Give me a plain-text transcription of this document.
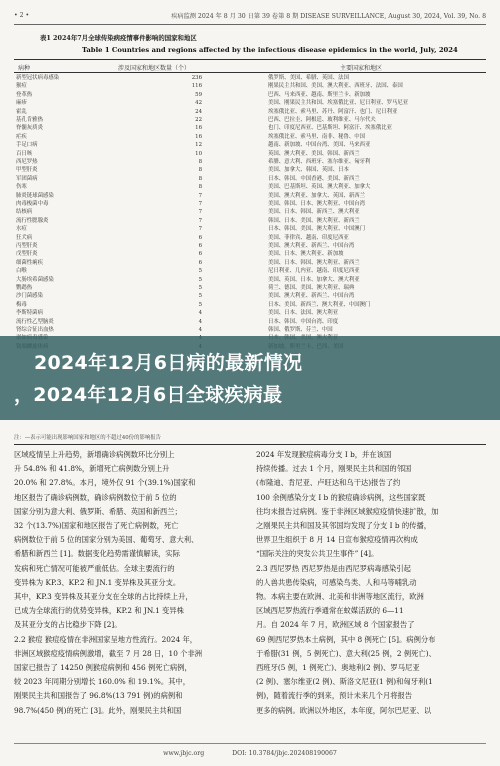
• 2 •	疾病监测 2024 年 8 月 30 日第 39 卷第 8 期 DISEASE SURVEILLANCE, August 30, 2024, Vol. 39, No. 8
表1 2024年7月全球传染病疫情事件影响的国家和地区
Table 1 Countries and regions affected by the infectious disease epidemics in the world, July, 2024
病种	涉及国家和地区数量（个）	主要国家和地区
新型冠状病毒感染	236	俄罗斯、美国、希腊、英国、法国
猴痘	116	刚果民主共和国、美国、澳大利亚、西班牙、法国、泰国
登革热	59	巴西、马来西亚、越南、斯里兰卡、新加坡
麻疹	42	美国、刚果民主共和国、埃塞俄比亚、尼日利亚、罗马尼亚
霍乱	24	埃塞俄比亚、索马里、苏丹、阿富汗、也门、尼日利亚
基孔肯雅热	22	巴西、巴拉圭、阿根廷、玻利维亚、马尔代夫
脊髓灰质炎	16	也门、印度尼西亚、巴基斯坦、阿富汗、埃塞俄比亚
疟疾	16	埃塞俄比亚、索马里、南非、秘鲁、中国
手足口病	12	越南、新加坡、中国台湾、美国、马来西亚
百日咳	10	英国、澳大利亚、美国、韩国、新西兰
西尼罗热	8	希腊、意大利、西班牙、塞尔维亚、匈牙利
甲型肝炎	8	美国、加拿大、韩国、英国、日本
军团菌病	8	日本、韩国、中国香港、美国、新西兰
伤寒	8	美国、巴基斯坦、英国、澳大利亚、加拿大
肺炎链球菌感染	7	美国、澳大利亚、加拿大、英国、新西兰
肉毒梭菌中毒	7	美国、韩国、日本、澳大利亚、中国台湾
结核病	7	美国、日本、韩国、新西兰、澳大利亚
流行性腮腺炎	7	韩国、日本、美国、澳大利亚、新西兰
水痘	7	日本、韩国、美国、澳大利亚、中国澳门
狂犬病	6	美国、菲律宾、越南、印度尼西亚
丙型肝炎	6	美国、澳大利亚、新西兰、中国台湾
戊型肝炎	6	美国、日本、澳大利亚、新加坡
细菌性痢疾	6	美国、日本、韩国、澳大利亚、新西兰
白喉	5	尼日利亚、几内亚、越南、印度尼西亚
大肠埃希菌感染	5	美国、英国、日本、加拿大、澳大利亚
鹦鹉热	5	荷兰、德国、美国、澳大利亚、瑞典
沙门菌感染	5	美国、澳大利亚、新西兰、中国台湾
梅毒	5	日本、美国、新西兰、澳大利亚、中国澳门
李斯特菌病	4	美国、日本、法国、澳大利亚
流行性乙型脑炎	4	日本、韩国、中国台湾、印度
肾综合征出血热	4	韩国、俄罗斯、芬兰、中国
2024年12月6日病的最新情况
，2024年12月6日全球疾病最
注：—表示可能出现影响国家和地区的不超过40份的影响报告

区域疫情呈上升趋势，新增确诊病例数环比分别上

升 54.8% 和 41.8%，新增死亡病例数分别上升

20.0% 和 27.8%。本月，境外仅 91 个(39.1%)国家和

地区报告了确诊病例数，确诊病例数位于前 5 位的

国家分别为意大利、俄罗斯、希腊、英国和新西兰；

32 个(13.7%)国家和地区报告了死亡病例数，死亡

病例数位于前 5 位的国家分别为美国、葡萄牙、意大利、

希腊和新西兰 [1]。数据变化趋势需谨慎解读，实际

发病和死亡情况可能被严重低估。全球主要流行的

变异株为 KP.3、KP.2 和 JN.1 变异株及其亚分支。

其中，KP.3 变异株及其亚分支在全球的占比持续上升，

已成为全球流行的优势变异株，KP.2 和 JN.1 变异株

及其亚分支的占比稳步下降 [2]。

2.2 猴痘 猴痘疫情在非洲国家呈地方性流行。2024 年，

非洲区域猴痘疫情病例激增，截至 7 月 28 日，10 个非洲

国家已报告了 14250 例猴痘病例和 456 例死亡病例，

较 2023 年同期分别增长 160.0% 和 19.1%。其中，

刚果民主共和国报告了 96.8%(13 791 例)的病例和

98.7%(450 例)的死亡 [3]。此外，刚果民主共和国

2024 年发现猴痘病毒分支 I b，并在该国

持续传播。过去 1 个月，刚果民主共和国的邻国

(布隆迪、肯尼亚、卢旺达和乌干达)报告了约

100 余例感染分支 I b 的猴痘确诊病例，这些国家既

往均未报告过病例。鉴于非洲区域猴痘疫情快速扩散，加

之刚果民主共和国及其邻国均发现了分支 I b 的传播，

世界卫生组织于 8 月 14 日宣布猴痘疫情再次构成

“国际关注的突发公共卫生事件” [4]。

2.3 西尼罗热 西尼罗热是由西尼罗病毒感染引起

的人兽共患传染病，可感染鸟类、人和马等哺乳动

物。本病主要在欧洲、北美和非洲等地区流行，欧洲

区域西尼罗热流行季通常在蚊媒活跃的 6—11

月。自 2024 年 7 月，欧洲区域 8 个国家报告了

69 例西尼罗热本土病例，其中 8 例死亡 [5]。病例分布

于希腊(31 例，5 例死亡)、意大利(25 例，2 例死亡)、

西班牙(5 例，1 例死亡)、奥地利(2 例)、罗马尼亚

(2 例)、塞尔维亚(2 例)、斯洛文尼亚(1 例)和匈牙利(1

例)，随着流行季的到来，预计未来几个月将报告

更多的病例。欧洲以外地区，本年度，阿尔巴尼亚、以

www.jbjc.org	DOI: 10.3784/jbjc.202408190067
